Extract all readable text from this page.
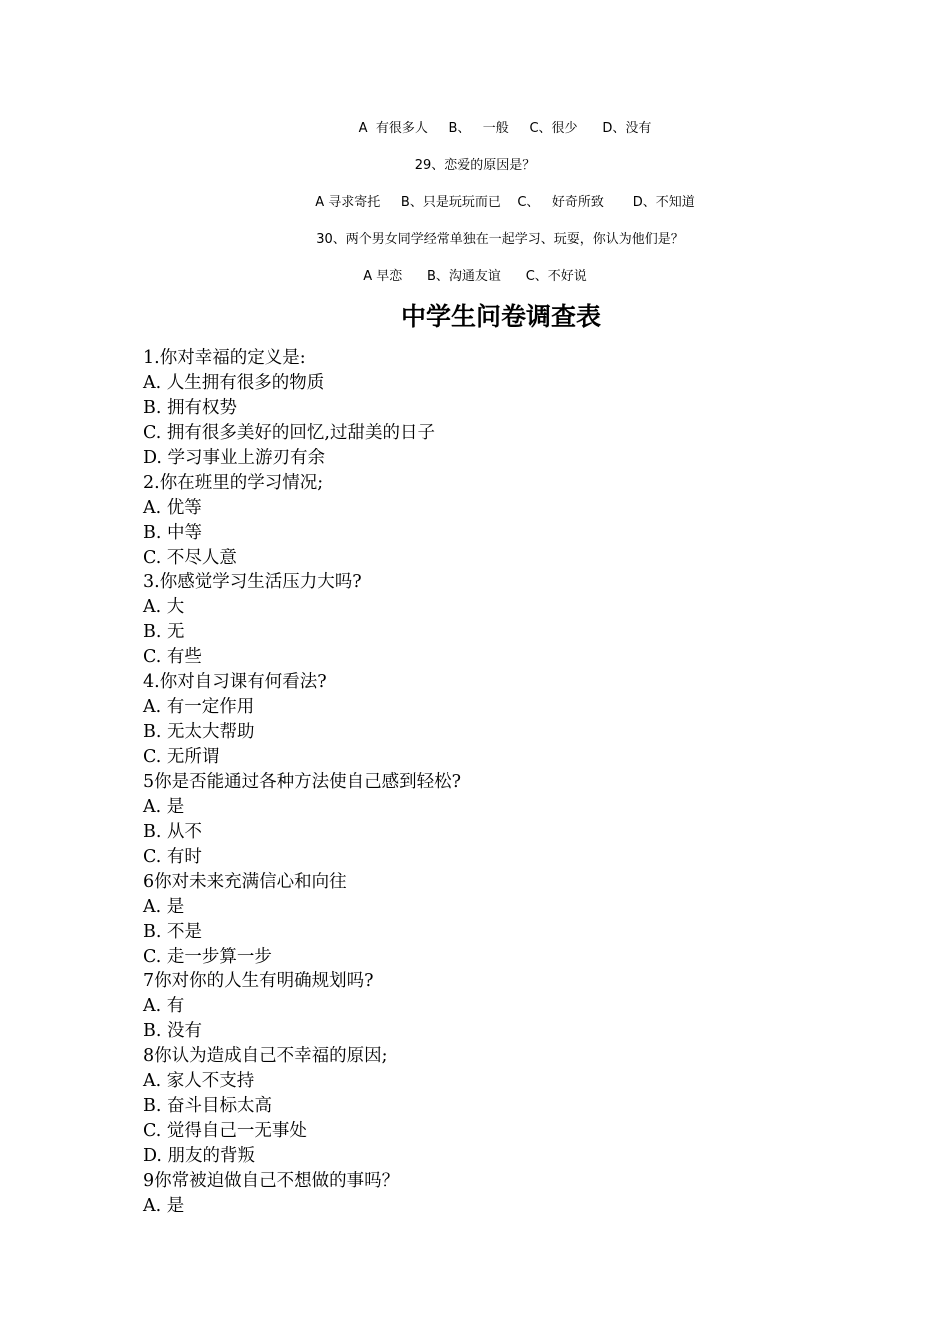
A  有很多人     B、   一般     C、很少      D、没有
29、恋爱的原因是？
A 寻求寄托     B、只是玩玩而已    C、   好奇所致       D、不知道
30、两个男女同学经常单独在一起学习、玩耍，你认为他们是？
A 早恋      B、沟通友谊      C、不好说
中学生问卷调查表
1.你对幸福的定义是:
A. 人生拥有很多的物质
B. 拥有权势
C. 拥有很多美好的回忆,过甜美的日子
D. 学习事业上游刃有余
2.你在班里的学习情况;
A. 优等
B. 中等
C. 不尽人意
3.你感觉学习生活压力大吗?
A. 大
B. 无
C. 有些
4.你对自习课有何看法?
A. 有一定作用
B. 无太大帮助
C. 无所谓
5你是否能通过各种方法使自己感到轻松?
A. 是
B. 从不
C. 有时
6你对未来充满信心和向往
A. 是
B. 不是
C. 走一步算一步
7你对你的人生有明确规划吗?
A. 有
B. 没有
8你认为造成自己不幸福的原因;
A. 家人不支持
B. 奋斗目标太高
C. 觉得自己一无事处
D. 朋友的背叛
9你常被迫做自己不想做的事吗？
A. 是
